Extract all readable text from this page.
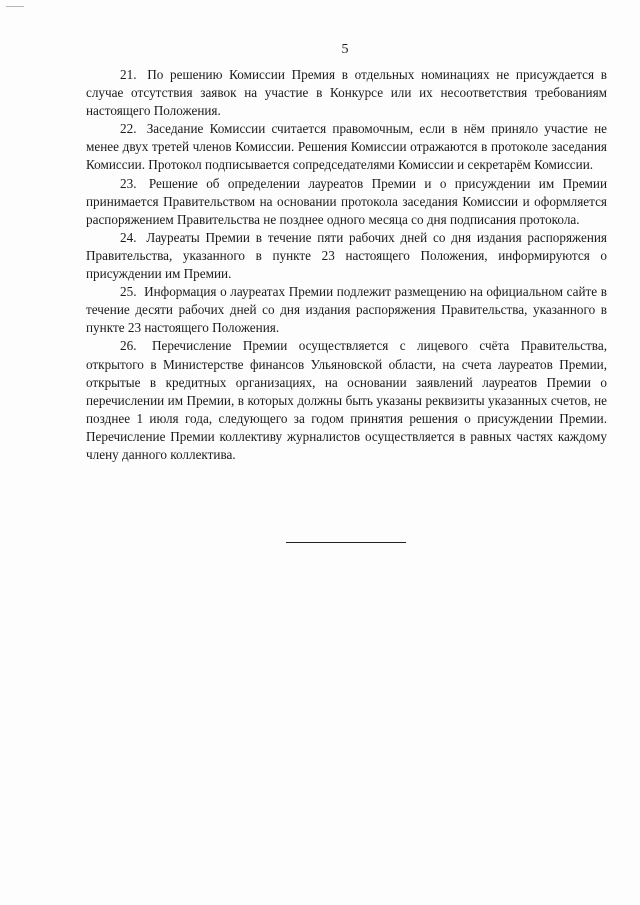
5

21. По решению Комиссии Премия в отдельных номинациях не присуждается в случае отсутствия заявок на участие в Конкурсе или их несоответствия требованиям настоящего Положения.

22. Заседание Комиссии считается правомочным, если в нём приняло участие не менее двух третей членов Комиссии. Решения Комиссии отражаются в протоколе заседания Комиссии. Протокол подписывается сопредседателями Комиссии и секретарём Комиссии.

23. Решение об определении лауреатов Премии и о присуждении им Премии принимается Правительством на основании протокола заседания Комиссии и оформляется распоряжением Правительства не позднее одного месяца со дня подписания протокола.

24. Лауреаты Премии в течение пяти рабочих дней со дня издания распоряжения Правительства, указанного в пункте 23 настоящего Положения, информируются о присуждении им Премии.

25. Информация о лауреатах Премии подлежит размещению на официальном сайте в течение десяти рабочих дней со дня издания распоряжения Правительства, указанного в пункте 23 настоящего Положения.

26. Перечисление Премии осуществляется с лицевого счёта Правительства, открытого в Министерстве финансов Ульяновской области, на счета лауреатов Премии, открытые в кредитных организациях, на основании заявлений лауреатов Премии о перечислении им Премии, в которых должны быть указаны реквизиты указанных счетов, не позднее 1 июля года, следующего за годом принятия решения о присуждении Премии. Перечисление Премии коллективу журналистов осуществляется в равных частях каждому члену данного коллектива.
